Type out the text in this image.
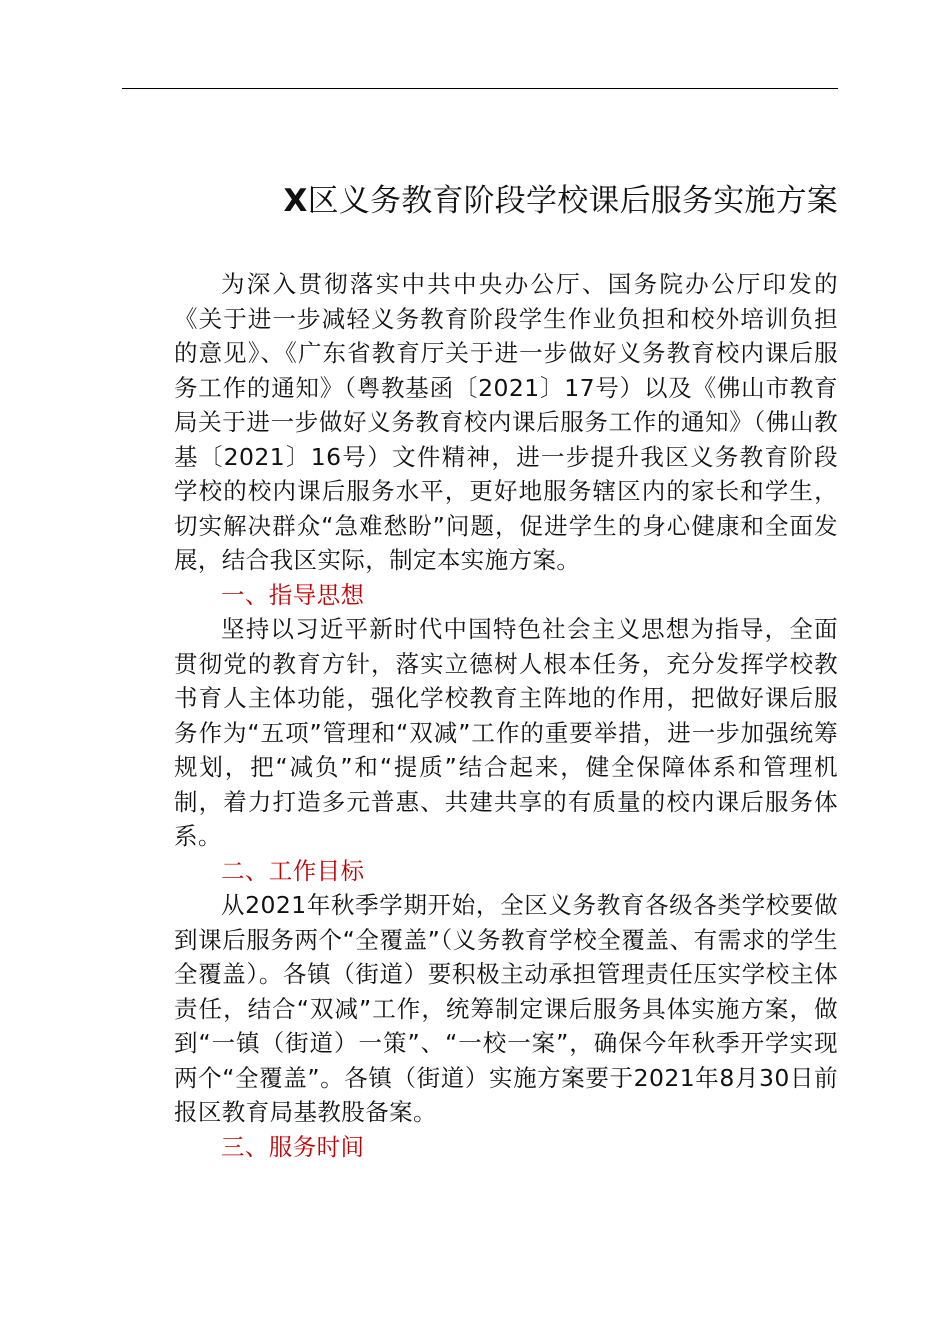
X区义务教育阶段学校课后服务实施方案

为深入贯彻落实中共中央办公厅、国务院办公厅印发的《关于进一步减轻义务教育阶段学生作业负担和校外培训负担的意见》、《广东省教育厅关于进一步做好义务教育校内课后服务工作的通知》（粤教基函〔2021〕17号）以及《佛山市教育局关于进一步做好义务教育校内课后服务工作的通知》（佛山教基〔2021〕16号）文件精神，进一步提升我区义务教育阶段学校的校内课后服务水平，更好地服务辖区内的家长和学生，切实解决群众“急难愁盼”问题，促进学生的身心健康和全面发展，结合我区实际，制定本实施方案。

一、指导思想

坚持以习近平新时代中国特色社会主义思想为指导，全面贯彻党的教育方针，落实立德树人根本任务，充分发挥学校教书育人主体功能，强化学校教育主阵地的作用，把做好课后服务作为“五项”管理和“双减”工作的重要举措，进一步加强统筹规划，把“减负”和“提质”结合起来，健全保障体系和管理机制，着力打造多元普惠、共建共享的有质量的校内课后服务体系。

二、工作目标

从2021年秋季学期开始，全区义务教育各级各类学校要做到课后服务两个“全覆盖”（义务教育学校全覆盖、有需求的学生全覆盖）。各镇（街道）要积极主动承担管理责任压实学校主体责任，结合“双减”工作，统筹制定课后服务具体实施方案，做到“一镇（街道）一策”、“一校一案”，确保今年秋季开学实现两个“全覆盖”。各镇（街道）实施方案要于2021年8月30日前报区教育局基教股备案。

三、服务时间
